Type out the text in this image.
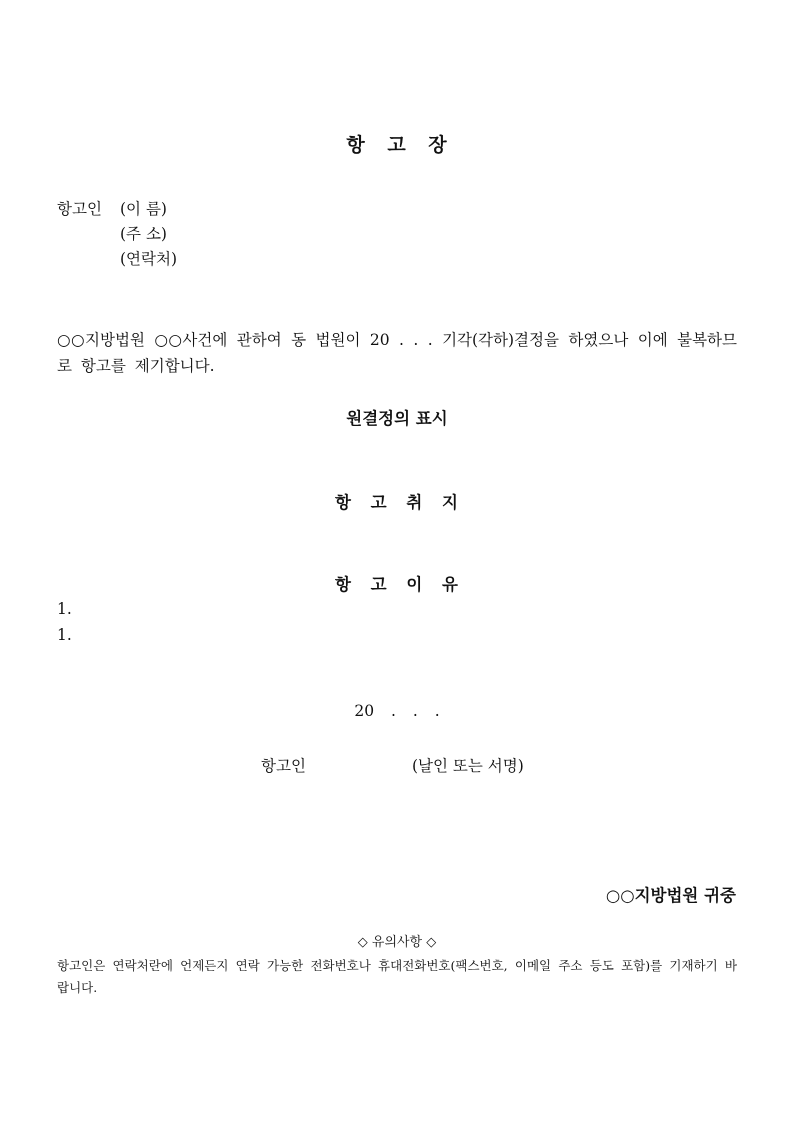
항 고 장
항고인 (이 름)
(주 소)
(연락처)
○○지방법원 ○○사건에 관하여 동 법원이 20 . . . 기각(각하)결정을 하였으나 이에 불복하므로 항고를 제기합니다.
원결정의 표시
항 고 취 지
항 고 이 유
1.
1.
20 . . .
항고인	(날인 또는 서명)
○○지방법원 귀중
◇ 유의사항 ◇
항고인은 연락처란에 언제든지 연락 가능한 전화번호나 휴대전화번호(팩스번호, 이메일 주소 등도 포함)를 기재하기 바랍니다.
